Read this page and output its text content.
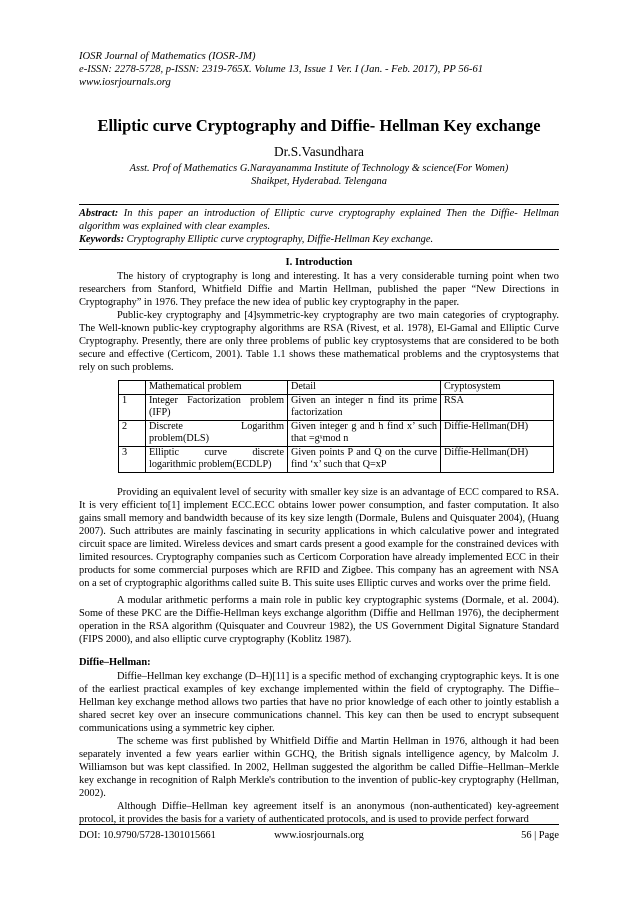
IOSR Journal of Mathematics (IOSR-JM)
e-ISSN: 2278-5728, p-ISSN: 2319-765X. Volume 13, Issue 1 Ver. I (Jan. - Feb. 2017), PP 56-61
www.iosrjournals.org
Elliptic curve Cryptography and Diffie- Hellman Key exchange
Dr.S.Vasundhara
Asst. Prof of Mathematics G.Narayanamma Institute of Technology & science(For Women)
Shaikpet, Hyderabad. Telengana
Abstract: In this paper an introduction of Elliptic curve cryptography explained Then the Diffie- Hellman algorithm was explained with clear examples.
Keywords: Cryptography Elliptic curve cryptography, Diffie-Hellman Key exchange.
I. Introduction

The history of cryptography is long and interesting. It has a very considerable turning point when two researchers from Stanford, Whitfield Diffie and Martin Hellman, published the paper “New Directions in Cryptography” in 1976. They preface the new idea of public key cryptography in the paper.

Public-key cryptography and [4]symmetric-key cryptography are two main categories of cryptography. The Well-known public-key cryptography algorithms are RSA (Rivest, et al. 1978), El-Gamal and Elliptic Curve Cryptography. Presently, there are only three problems of public key cryptosystems that are considered to be both secure and effective (Certicom, 2001). Table 1.1 shows these mathematical problems and the cryptosystems that rely on such problems.

	Mathematical problem	Detail	Cryptosystem
1	Integer Factorization problem (IFP)	Given an integer n find its prime factorization	RSA
2	Discrete Logarithm problem(DLS)	Given integer g and h find x’ such that =gˣmod n	Diffie-Hellman(DH)
3	Elliptic curve discrete logarithmic problem(ECDLP)	Given points P and Q on the curve find ‘x’ such that Q=xP	Diffie-Hellman(DH)

Providing an equivalent level of security with smaller key size is an advantage of ECC compared to RSA. It is very efficient to[1] implement ECC.ECC obtains lower power consumption, and faster computation. It also gains small memory and bandwidth because of its key size length (Dormale, Bulens and Quisquater 2004), (Huang 2007). Such attributes are mainly fascinating in security applications in which calculative power and integrated circuit space are limited. Wireless devices and smart cards present a good example for the constrained devices with limited resources. Cryptography companies such as Certicom Corporation have already implemented ECC in their products for some commercial purposes which are RFID and Zigbee. This company has an agreement with NSA on a set of cryptographic algorithms called suite B. This suite uses Elliptic curves and works over the prime field.

A modular arithmetic performs a main role in public key cryptographic systems (Dormale, et al. 2004). Some of these PKC are the Diffie-Hellman keys exchange algorithm (Diffie and Hellman 1976), the decipherment operation in the RSA algorithm (Quisquater and Couvreur 1982), the US Government Digital Signature Standard (FIPS 2000), and also elliptic curve cryptography (Koblitz 1987).

Diffie–Hellman:

Diffie–Hellman key exchange (D–H)[11] is a specific method of exchanging cryptographic keys. It is one of the earliest practical examples of key exchange implemented within the field of cryptography. The Diffie–Hellman key exchange method allows two parties that have no prior knowledge of each other to jointly establish a shared secret key over an insecure communications channel. This key can then be used to encrypt subsequent communications using a symmetric key cipher.

The scheme was first published by Whitfield Diffie and Martin Hellman in 1976, although it had been separately invented a few years earlier within GCHQ, the British signals intelligence agency, by Malcolm J. Williamson but was kept classified. In 2002, Hellman suggested the algorithm be called Diffie–Hellman–Merkle key exchange in recognition of Ralph Merkle's contribution to the invention of public-key cryptography (Hellman, 2002).

Although Diffie–Hellman key agreement itself is an anonymous (non-authenticated) key-agreement protocol, it provides the basis for a variety of authenticated protocols, and is used to provide perfect forward

DOI: 10.9790/5728-1301015661	www.iosrjournals.org	56 | Page
